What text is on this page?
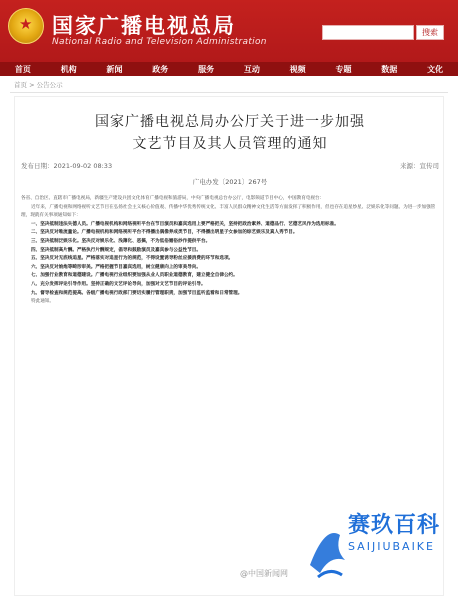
★
国家广播电视总局
National Radio and Television Administration
搜索
首页	机构	新闻	政务	服务	互动	视频	专题	数据	文化
首页 > 公告公示
国家广播电视总局办公厅关于进一步加强
文艺节目及其人员管理的通知
发布日期：2021-09-02 08:33	来源：宣传司
广电办发〔2021〕267号

各省、自治区、直辖市广播电视局，新疆生产建设兵团文化体育广播电视和旅游局，中央广播电视总台办公厅，电影频道节目中心，中国教育电视台：

近年来，广播电视和网络视听文艺节目在弘扬社会主义核心价值观、传播中华优秀传统文化、丰富人民群众精神文化生活等方面发挥了积极作用，但也存在追星炒星、泛娱乐化等问题。为进一步加强管理，现就有关事项通知如下：

一、坚决抵制违法失德人员。广播电视机构和网络视听平台在节目演员和嘉宾选用上要严格把关，坚持把政治素养、道德品行、艺德艺风作为选用标准。

二、坚决反对唯流量论。广播电视机构和网络视听平台不得播出偶像养成类节目，不得播出明星子女参加的综艺娱乐及真人秀节目。

三、坚决抵制泛娱乐化。坚决反对娱乐化、浅薄化、恶搞，不为低俗媚俗炒作提供平台。

四、坚决抵制高片酬。严格执行片酬规定，倡导和鼓励演员及嘉宾参与公益性节目。

五、坚决反对无底线追星。严格落实对追星行为的规范，不得设置诱导粉丝应援消费的环节和选项。

六、坚决反对娘炮等畸形审美。严格把握节目嘉宾选用，树立健康向上的审美导向。

七、加强行业教育和道德建设。广播电视行业组织要加强从业人员职业道德教育，建立健全自律公约。

八、充分发挥评论引导作用。坚持正确的文艺评论导向，加强对文艺节目的评论引导。

九、督导检查和规范提高。各级广播电视行政部门要切实履行管理职责，加强节目监听监看和日常管理。

特此通知。

@中国新闻网
赛玖百科
SAIJIUBAIKE
